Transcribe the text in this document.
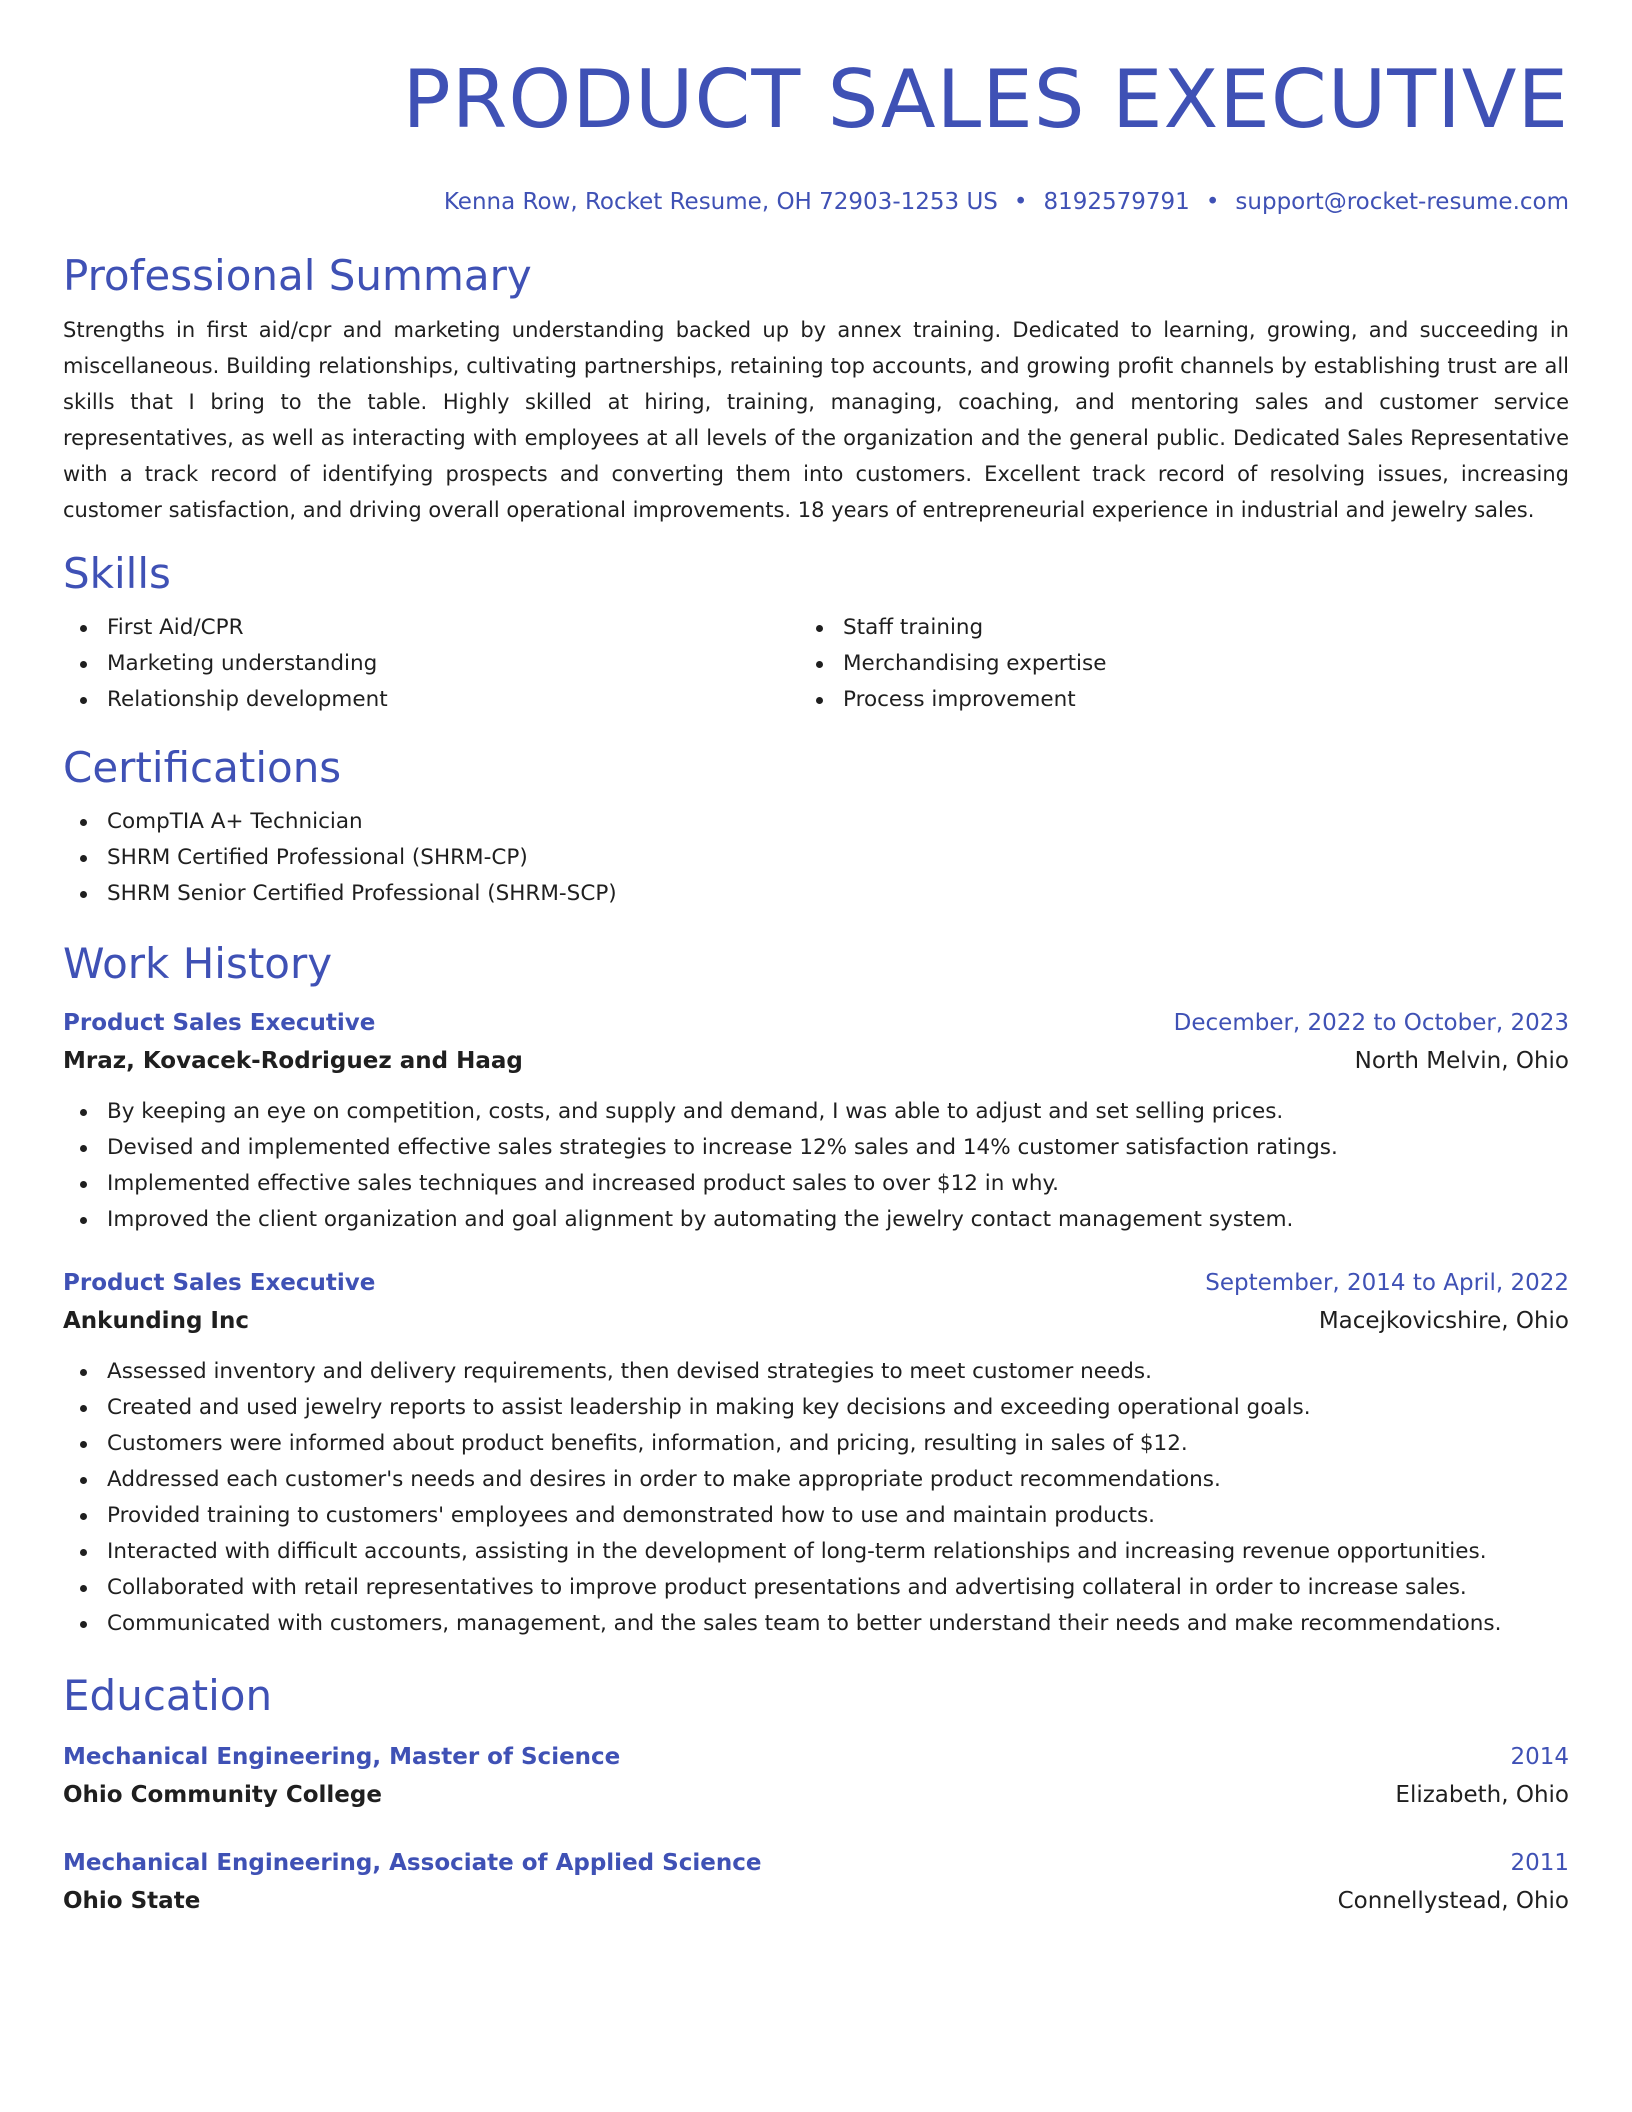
PRODUCT SALES EXECUTIVE
Kenna Row, Rocket Resume, OH 72903-1253 US • 8192579791 • support@rocket-resume.com
Professional Summary

Strengths in first aid/cpr and marketing understanding backed up by annex training. Dedicated to learning, growing, and succeeding in miscellaneous. Building relationships, cultivating partnerships, retaining top accounts, and growing profit channels by establishing trust are all skills that I bring to the table. Highly skilled at hiring, training, managing, coaching, and mentoring sales and customer service representatives, as well as interacting with employees at all levels of the organization and the general public. Dedicated Sales Representative with a track record of identifying prospects and converting them into customers. Excellent track record of resolving issues, increasing customer satisfaction, and driving overall operational improvements. 18 years of entrepreneurial experience in industrial and jewelry sales.

Skills
First Aid/CPR
Marketing understanding
Relationship development
Staff training
Merchandising expertise
Process improvement
Certifications
CompTIA A+ Technician
SHRM Certified Professional (SHRM-CP)
SHRM Senior Certified Professional (SHRM-SCP)
Work History
Product Sales Executive	December, 2022 to October, 2023
Mraz, Kovacek-Rodriguez and Haag	North Melvin, Ohio
By keeping an eye on competition, costs, and supply and demand, I was able to adjust and set selling prices.
Devised and implemented effective sales strategies to increase 12% sales and 14% customer satisfaction ratings.
Implemented effective sales techniques and increased product sales to over $12 in why.
Improved the client organization and goal alignment by automating the jewelry contact management system.
Product Sales Executive	September, 2014 to April, 2022
Ankunding Inc	Macejkovicshire, Ohio
Assessed inventory and delivery requirements, then devised strategies to meet customer needs.
Created and used jewelry reports to assist leadership in making key decisions and exceeding operational goals.
Customers were informed about product benefits, information, and pricing, resulting in sales of $12.
Addressed each customer's needs and desires in order to make appropriate product recommendations.
Provided training to customers' employees and demonstrated how to use and maintain products.
Interacted with difficult accounts, assisting in the development of long-term relationships and increasing revenue opportunities.
Collaborated with retail representatives to improve product presentations and advertising collateral in order to increase sales.
Communicated with customers, management, and the sales team to better understand their needs and make recommendations.
Education
Mechanical Engineering, Master of Science	2014
Ohio Community College	Elizabeth, Ohio
Mechanical Engineering, Associate of Applied Science	2011
Ohio State	Connellystead, Ohio
